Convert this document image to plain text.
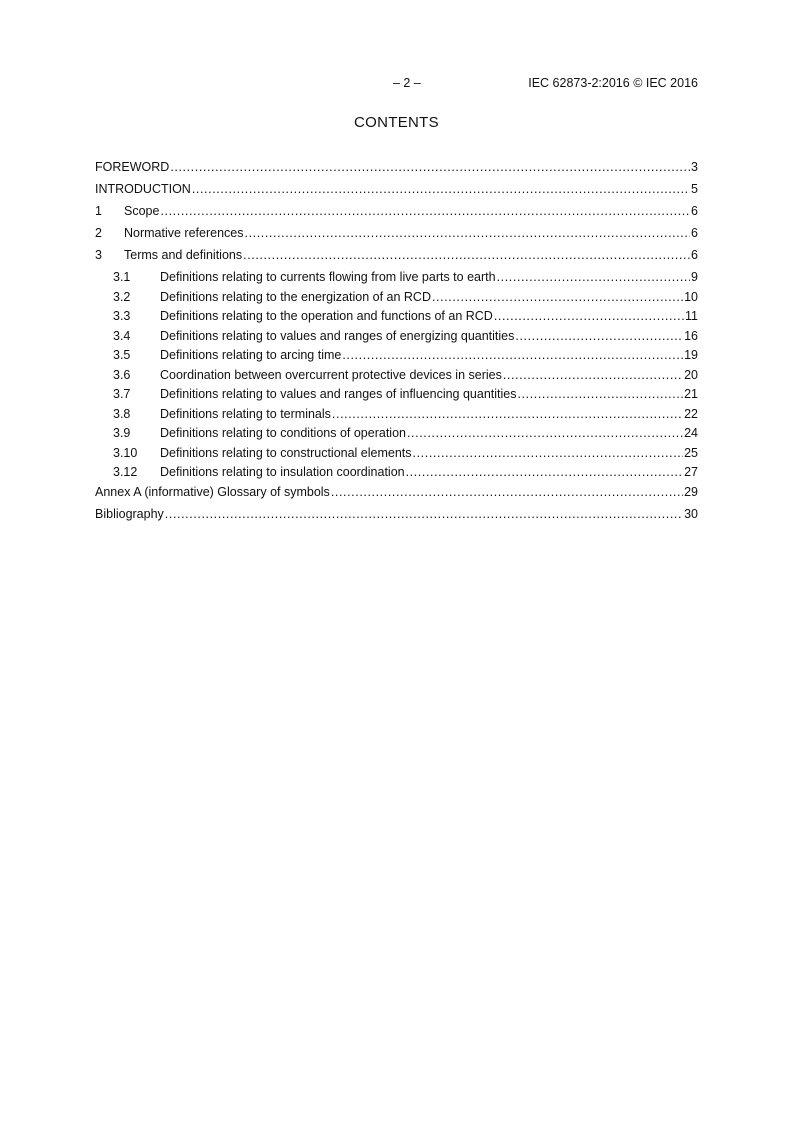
– 2 –	IEC 62873-2:2016 © IEC 2016
CONTENTS
FOREWORD .....	3
INTRODUCTION .....	5
1	Scope .....	6
2	Normative references .....	6
3	Terms and definitions .....	6
3.1	Definitions relating to currents flowing from live parts to earth .....	9
3.2	Definitions relating to the energization of an RCD .....	10
3.3	Definitions relating to the operation and functions of an RCD .....	11
3.4	Definitions relating to values and ranges of energizing quantities .....	16
3.5	Definitions relating to arcing time .....	19
3.6	Coordination between overcurrent protective devices in series .....	20
3.7	Definitions relating to values and ranges of influencing quantities .....	21
3.8	Definitions relating to terminals .....	22
3.9	Definitions relating to conditions of operation .....	24
3.10	Definitions relating to constructional elements .....	25
3.12	Definitions relating to insulation coordination .....	27
Annex A (informative) Glossary of symbols .....	29
Bibliography .....	30
